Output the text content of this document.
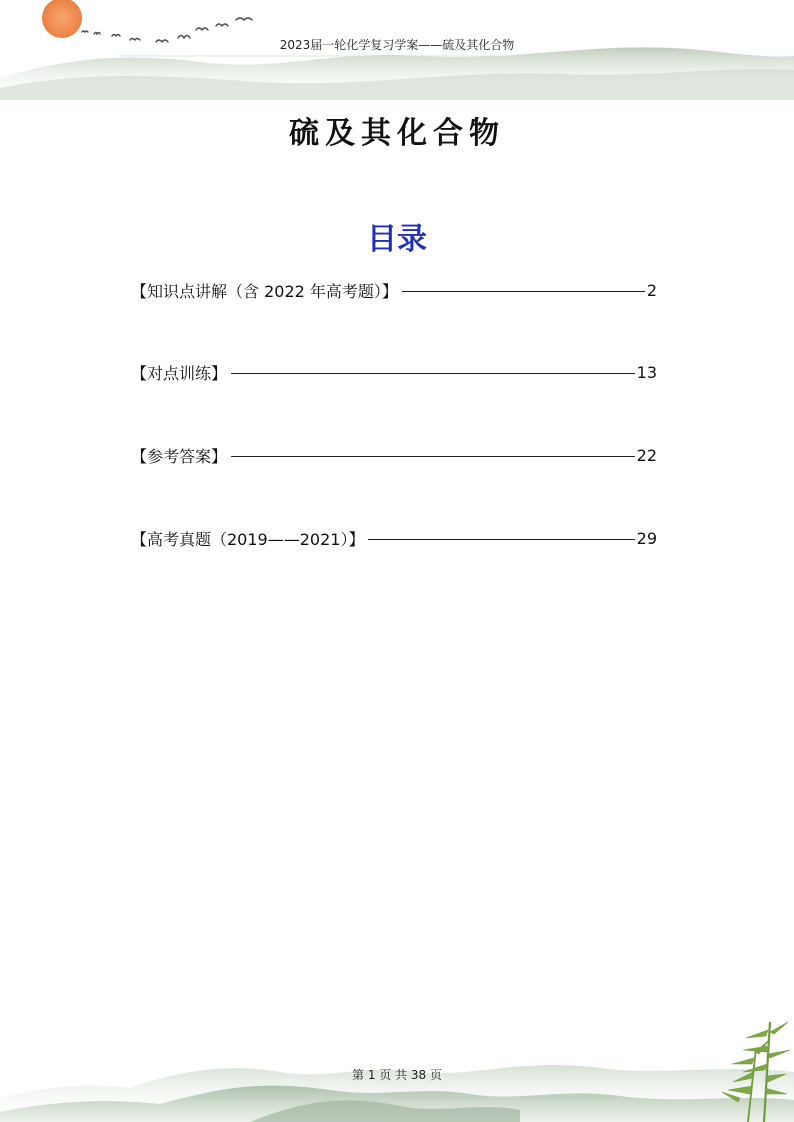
2023届一轮化学复习学案——硫及其化合物
硫及其化合物
目录
【知识点讲解（含 2022 年高考题）】	2
【对点训练】	13
【参考答案】	22
【高考真题（2019——2021）】	29
第 1 页 共 38 页
